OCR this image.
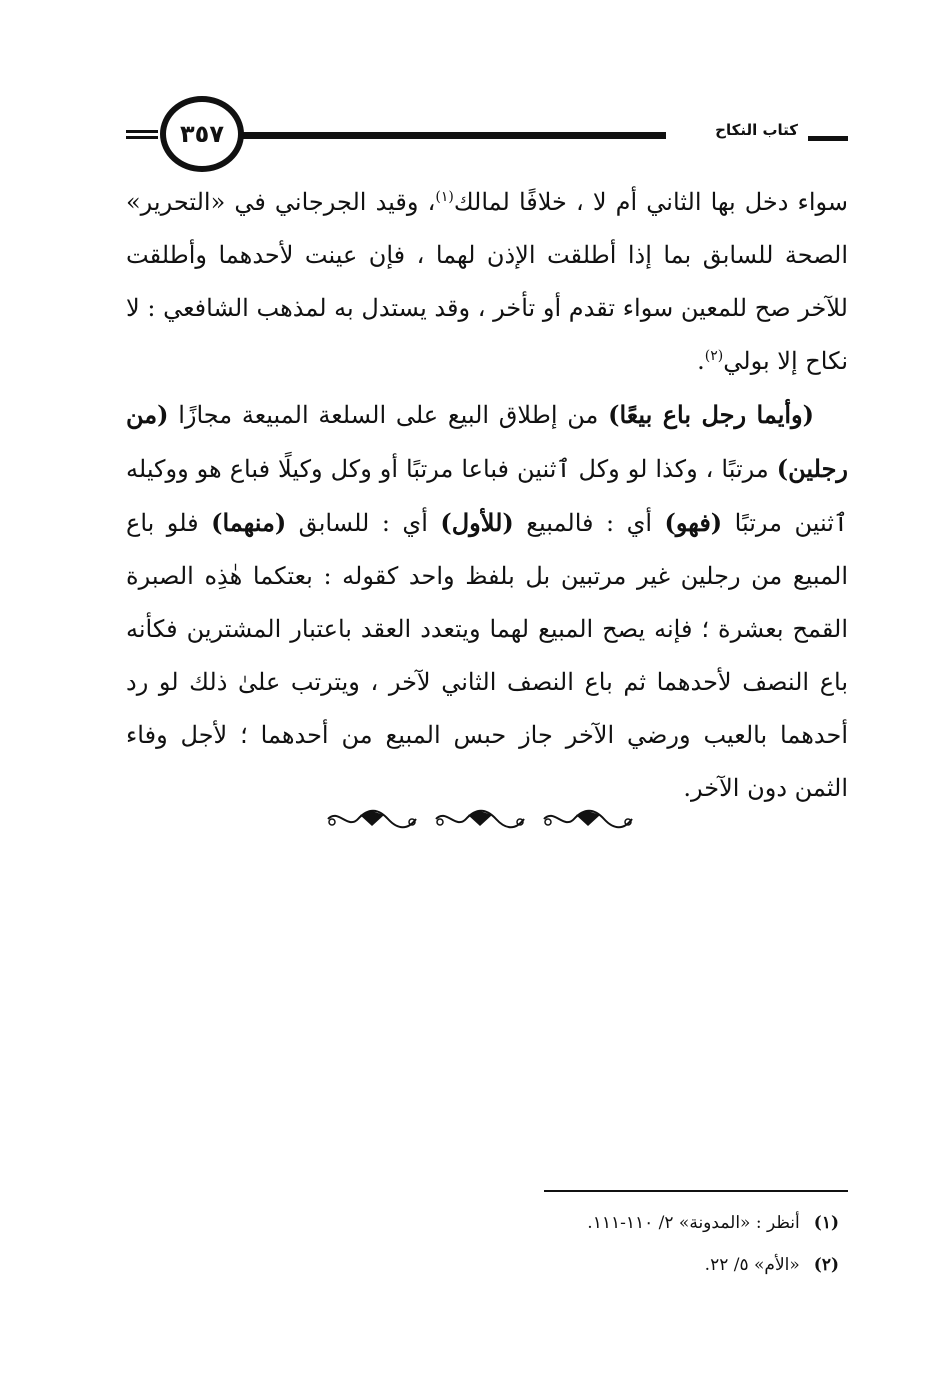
٣٥٧	كتاب النكاح

سواء دخل بها الثاني أم لا ، خلافًا لمالك$^{(١)}$، وقيد الجرجاني في «التحرير» الصحة للسابق بما إذا أطلقت الإذن لهما ، فإن عينت لأحدهما وأطلقت للآخر صح للمعين سواء تقدم أو تأخر ، وقد يستدل به لمذهب الشافعي : لا نكاح إلا بولي$^{(٢)}$.

(وأيما رجل باع بيعًا) من إطلاق البيع على السلعة المبيعة مجازًا (من رجلين) مرتبًا ، وكذا لو وكل ٱثنين فباعا مرتبًا أو وكل وكيلًا فباع هو ووكيله ٱثنين مرتبًا (فهو) أي : فالمبيع (للأول) أي : للسابق (منهما) فلو باع المبيع من رجلين غير مرتبين بل بلفظ واحد كقوله : بعتكما هٰذِه الصبرة القمح بعشرة ؛ فإنه يصح المبيع لهما ويتعدد العقد باعتبار المشترين فكأنه باع النصف لأحدهما ثم باع النصف الثاني لآخر ، ويترتب علىٰ ذلك لو رد أحدهما بالعيب ورضي الآخر جاز حبس المبيع من أحدهما ؛ لأجل وفاء الثمن دون الآخر.

(١)أنظر : «المدونة» ٢/ ١١٠-١١١.
(٢)«الأم» ٥/ ٢٢.
